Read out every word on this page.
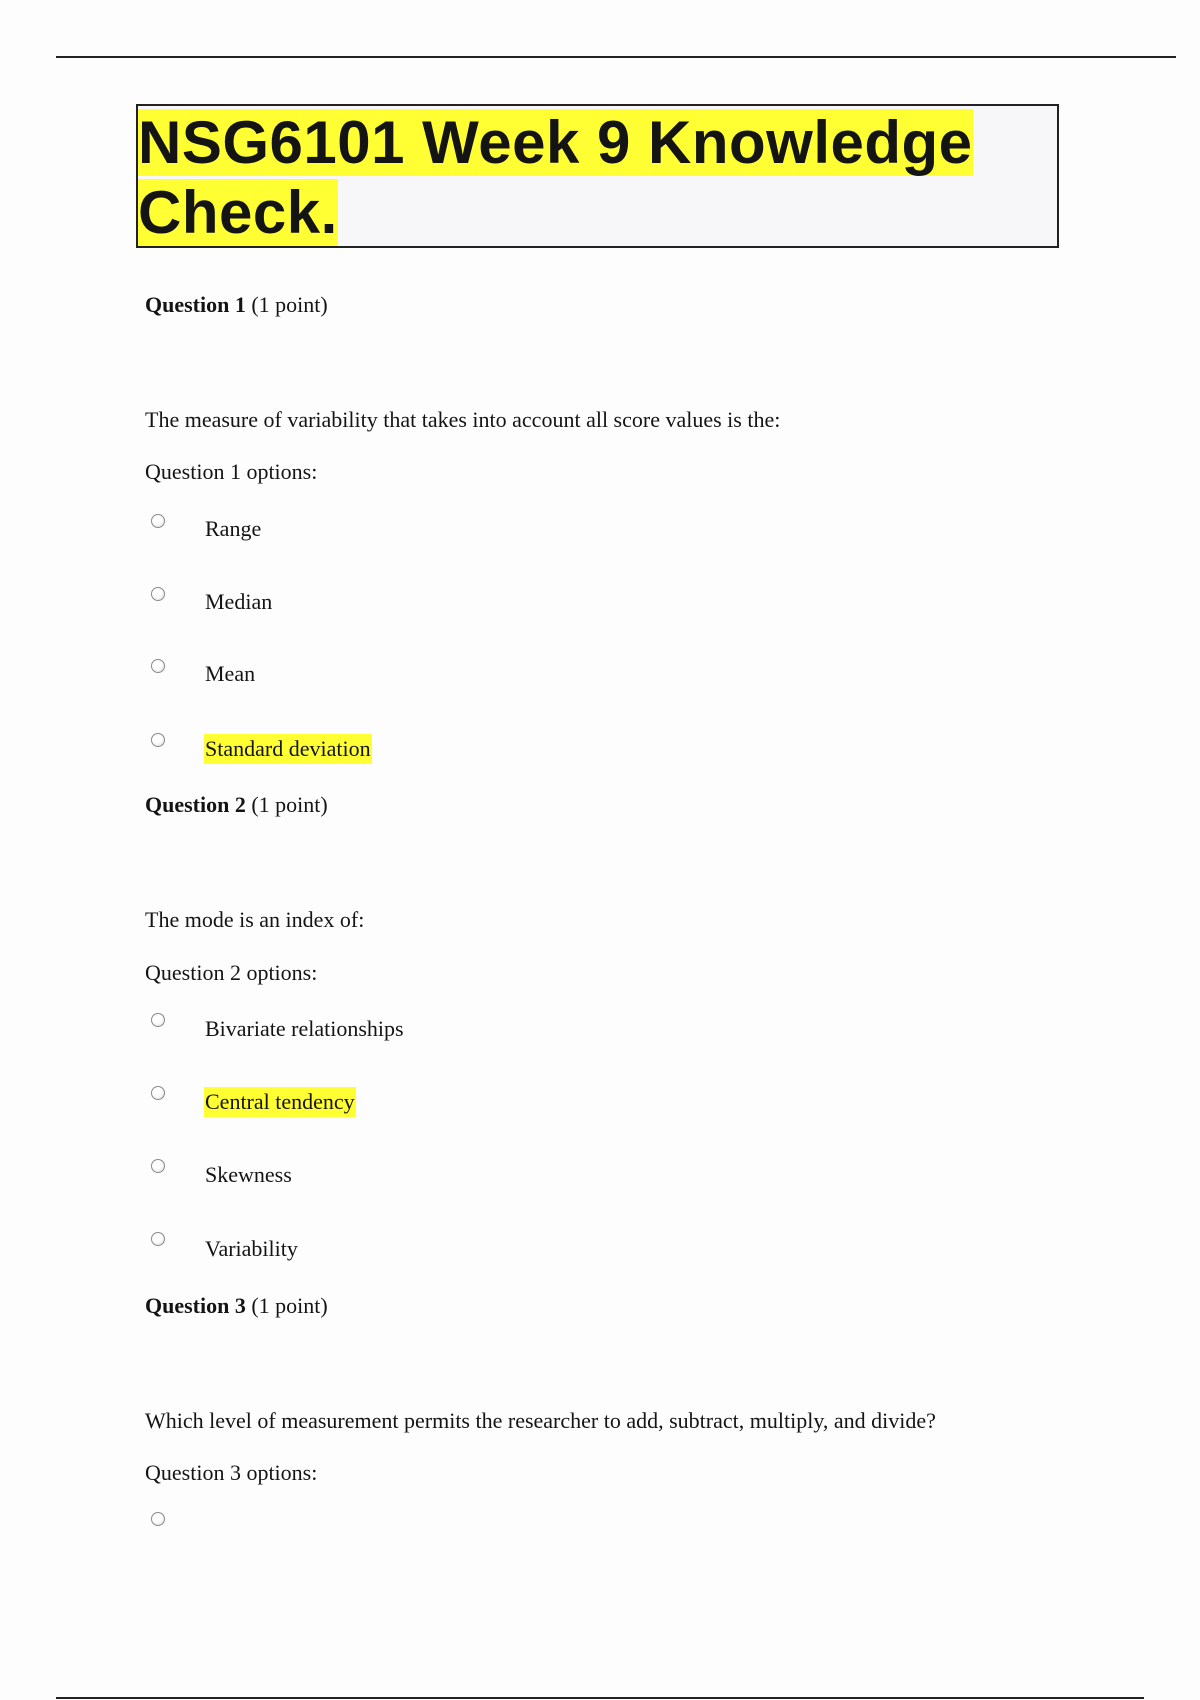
NSG6101 Week 9 Knowledge
Check.
Question 1 (1 point)
The measure of variability that takes into account all score values is the:
Question 1 options:
Range
Median
Mean
Standard deviation
Question 2 (1 point)
The mode is an index of:
Question 2 options:
Bivariate relationships
Central tendency
Skewness
Variability
Question 3 (1 point)
Which level of measurement permits the researcher to add, subtract, multiply, and divide?
Question 3 options:
